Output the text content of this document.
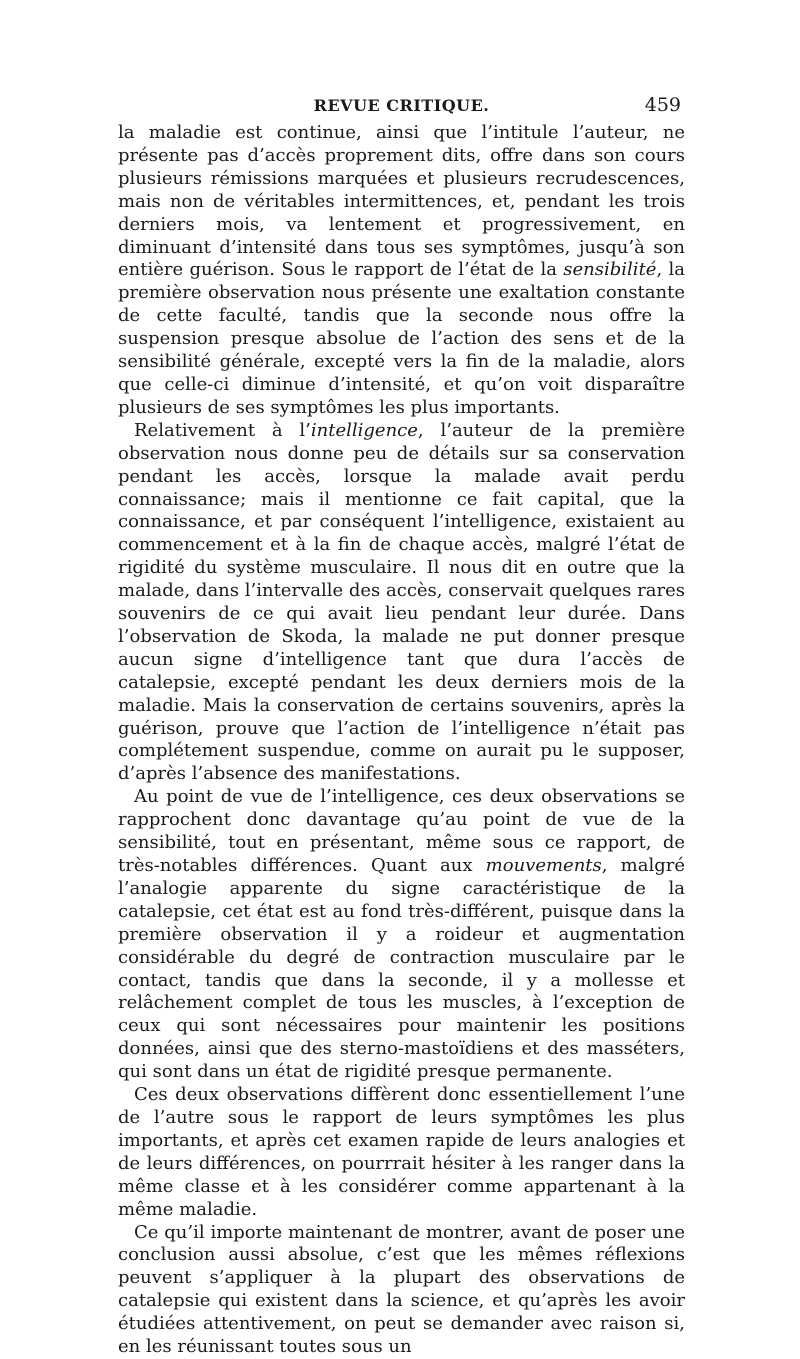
REVUE CRITIQUE.	459

la maladie est continue, ainsi que l’intitule l’auteur, ne présente pas d’accès proprement dits, offre dans son cours plusieurs rémissions marquées et plusieurs recrudescences, mais non de véritables intermittences, et, pendant les trois derniers mois, va lentement et progressivement, en diminuant d’intensité dans tous ses symptômes, jusqu’à son entière guérison. Sous le rapport de l’état de la sensibilité, la première observation nous présente une exaltation constante de cette faculté, tandis que la seconde nous offre la suspension presque absolue de l’action des sens et de la sensibilité générale, excepté vers la fin de la maladie, alors que celle-ci diminue d’intensité, et qu’on voit disparaître plusieurs de ses symptômes les plus importants.

Relativement à l’intelligence, l’auteur de la première observation nous donne peu de détails sur sa conservation pendant les accès, lorsque la malade avait perdu connaissance; mais il mentionne ce fait capital, que la connaissance, et par conséquent l’intelligence, existaient au commencement et à la fin de chaque accès, malgré l’état de rigidité du système musculaire. Il nous dit en outre que la malade, dans l’intervalle des accès, conservait quelques rares souvenirs de ce qui avait lieu pendant leur durée. Dans l’observation de Skoda, la malade ne put donner presque aucun signe d’intelligence tant que dura l’accès de catalepsie, excepté pendant les deux derniers mois de la maladie. Mais la conservation de certains souvenirs, après la guérison, prouve que l’action de l’intelligence n’était pas complétement suspendue, comme on aurait pu le supposer, d’après l’absence des manifestations.

Au point de vue de l’intelligence, ces deux observations se rapprochent donc davantage qu’au point de vue de la sensibilité, tout en présentant, même sous ce rapport, de très-notables différences. Quant aux mouvements, malgré l’analogie apparente du signe caractéristique de la catalepsie, cet état est au fond très-différent, puisque dans la première observation il y a roideur et augmentation considérable du degré de contraction musculaire par le contact, tandis que dans la seconde, il y a mollesse et relâchement complet de tous les muscles, à l’exception de ceux qui sont nécessaires pour maintenir les positions données, ainsi que des sterno-mastoïdiens et des masséters, qui sont dans un état de rigidité presque permanente.

Ces deux observations diffèrent donc essentiellement l’une de l’autre sous le rapport de leurs symptômes les plus importants, et après cet examen rapide de leurs analogies et de leurs différences, on pourrrait hésiter à les ranger dans la même classe et à les considérer comme appartenant à la même maladie.

Ce qu’il importe maintenant de montrer, avant de poser une conclusion aussi absolue, c’est que les mêmes réflexions peuvent s’appliquer à la plupart des observations de catalepsie qui existent dans la science, et qu’après les avoir étudiées attentivement, on peut se demander avec raison si, en les réunissant toutes sous un
